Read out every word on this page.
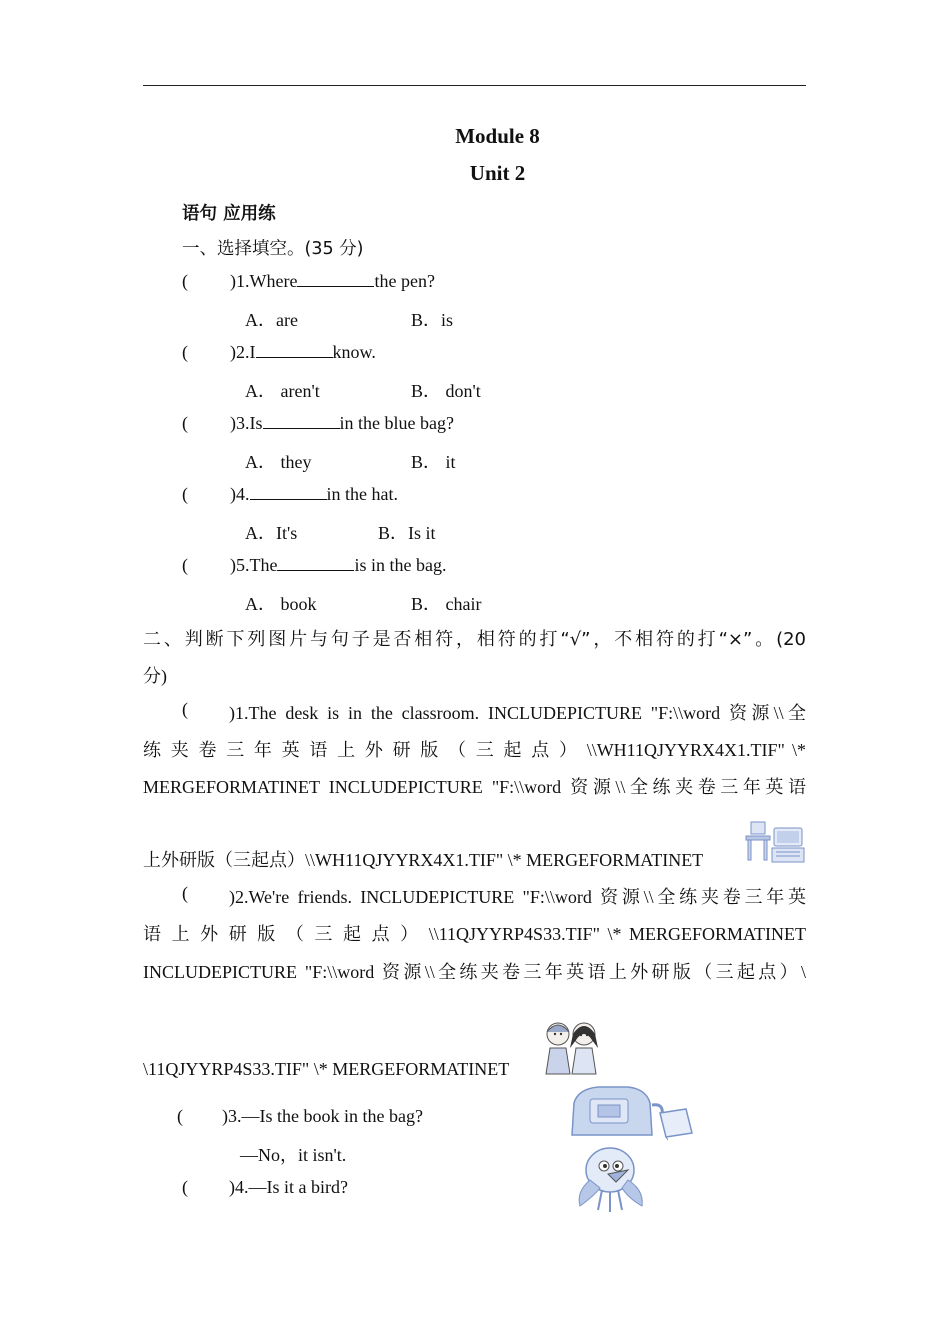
Module 8
Unit 2
语句 应用练
一、选择填空。(35 分)
( )1.Where	the pen?
A．are	B．is
( )2.I	know.
A． aren't	B． don't
( )3.Is	in the blue bag?
A． they	B． it
( )4.	in the hat.
A．It's	B．Is it
( )5.The	is in the bag.
A． book	B． chair
二、判断下列图片与句子是否相符，相符的打“√”，不相符的打“×”。(20
分)
( )1.The desk is in the classroom. INCLUDEPICTURE "F:\\word 资源\\全
练 夹 卷 三 年 英 语 上 外 研 版 （ 三 起 点 ） \\WH11QJYYRX4X1.TIF" \*
MERGEFORMATINET INCLUDEPICTURE "F:\\word 资源\\全练夹卷三年英语
上外研版（三起点）\\WH11QJYYRX4X1.TIF" \* MERGEFORMATINET
( )2.We're friends. INCLUDEPICTURE "F:\\word 资源\\全练夹卷三年英
语 上 外 研 版 （ 三 起 点 ） \\11QJYYRP4S33.TIF" \* MERGEFORMATINET
INCLUDEPICTURE "F:\\word 资源\\全练夹卷三年英语上外研版（三起点）\
\11QJYYRP4S33.TIF" \* MERGEFORMATINET
( )3.—Is the book in the bag?
—No，it isn't.
( )4.—Is it a bird?
